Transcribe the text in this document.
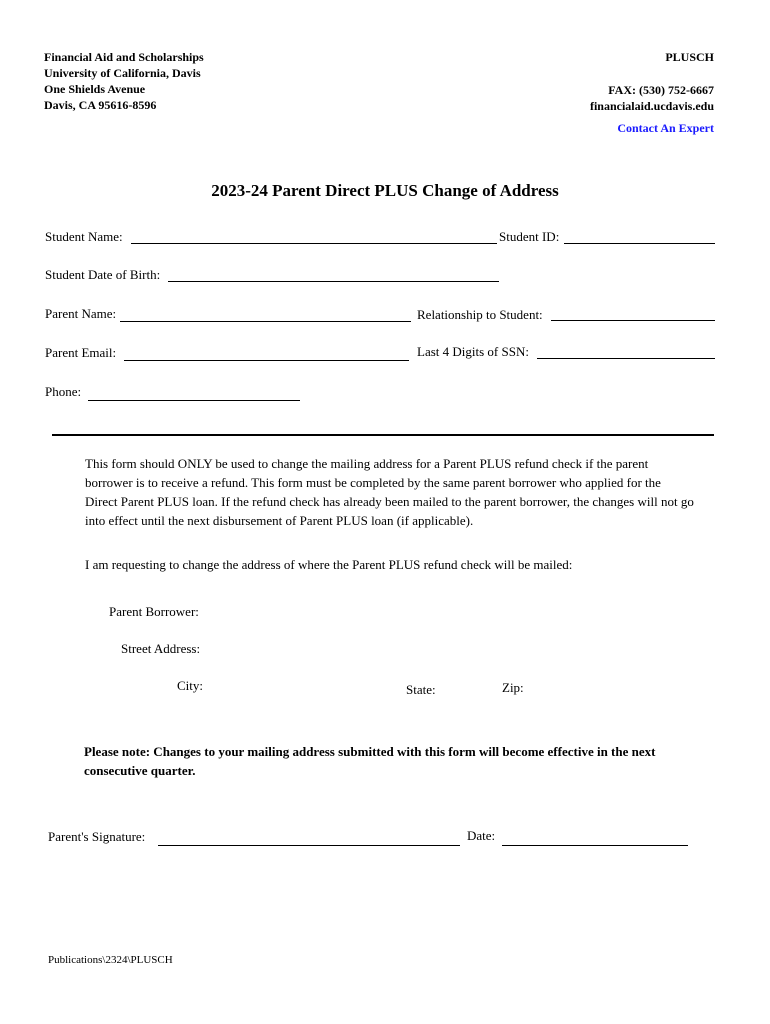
Financial Aid and Scholarships
University of California, Davis
One Shields Avenue
Davis, CA 95616-8596
PLUSCH
FAX: (530) 752-6667
financialaid.ucdavis.edu
Contact An Expert
2023-24 Parent Direct PLUS Change of Address
Student Name:	Student ID:
Student Date of Birth:
Parent Name:	Relationship to Student:
Parent Email:	Last 4 Digits of SSN:
Phone:
This form should ONLY be used to change the mailing address for a Parent PLUS refund check if the parent borrower is to receive a refund. This form must be completed by the same parent borrower who applied for the Direct Parent PLUS loan. If the refund check has already been mailed to the parent borrower, the changes will not go into effect until the next disbursement of Parent PLUS loan (if applicable).
I am requesting to change the address of where the Parent PLUS refund check will be mailed:
Parent Borrower:
Street Address:
City:	State:	Zip:
Please note: Changes to your mailing address submitted with this form will become effective in the next consecutive quarter.
Parent's Signature:	Date:
Publications\2324\PLUSCH
